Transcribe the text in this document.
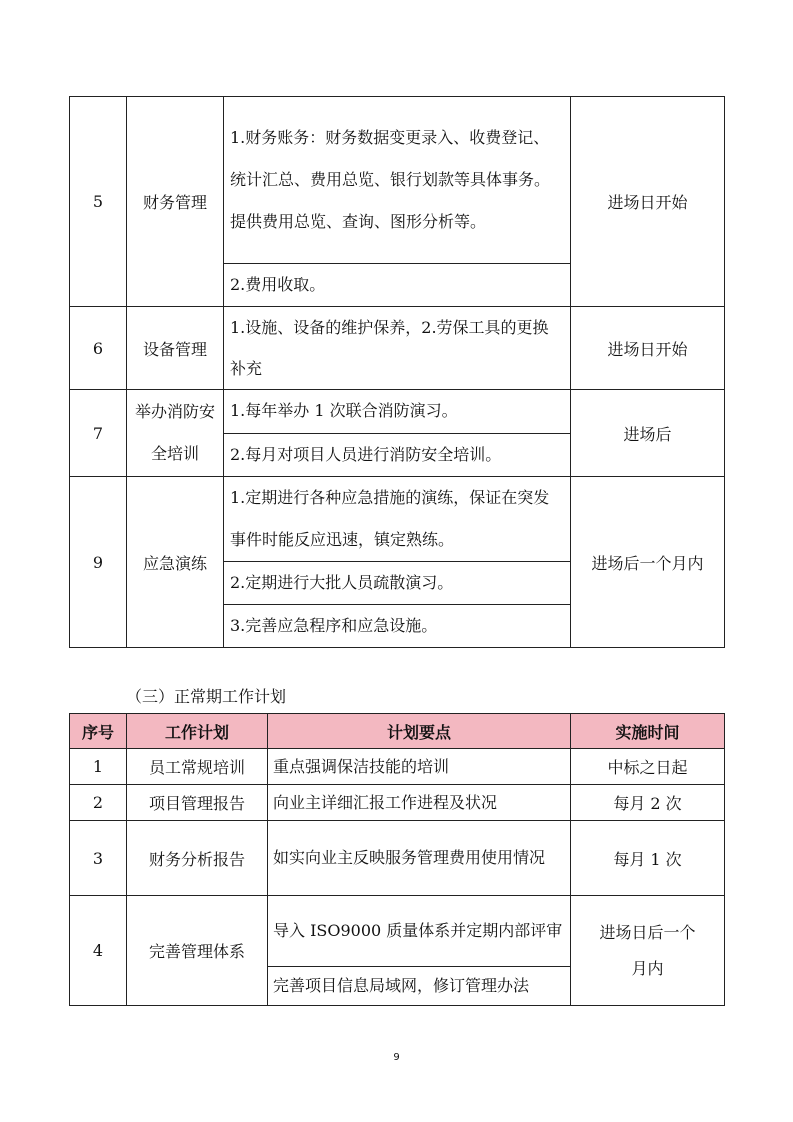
5	财务管理	1.财务账务：财务数据变更录入、收费登记、统计汇总、费用总览、银行划款等具体事务。提供费用总览、查询、图形分析等。	进场日开始
		2.费用收取。	
6	设备管理	1.设施、设备的维护保养，2.劳保工具的更换补充	进场日开始
7	举办消防安全培训	1.每年举办 1 次联合消防演习。	进场后
		2.每月对项目人员进行消防安全培训。	
9	应急演练	1.定期进行各种应急措施的演练，保证在突发事件时能反应迅速，镇定熟练。	进场后一个月内
		2.定期进行大批人员疏散演习。	
		3.完善应急程序和应急设施。	
（三）正常期工作计划
序号	工作计划	计划要点	实施时间
1	员工常规培训	重点强调保洁技能的培训	中标之日起
2	项目管理报告	向业主详细汇报工作进程及状况	每月 2 次
3	财务分析报告	如实向业主反映服务管理费用使用情况	每月 1 次
4	完善管理体系	导入 ISO9000 质量体系并定期内部评审	进场日后一个月内
		完善项目信息局域网，修订管理办法	
9
